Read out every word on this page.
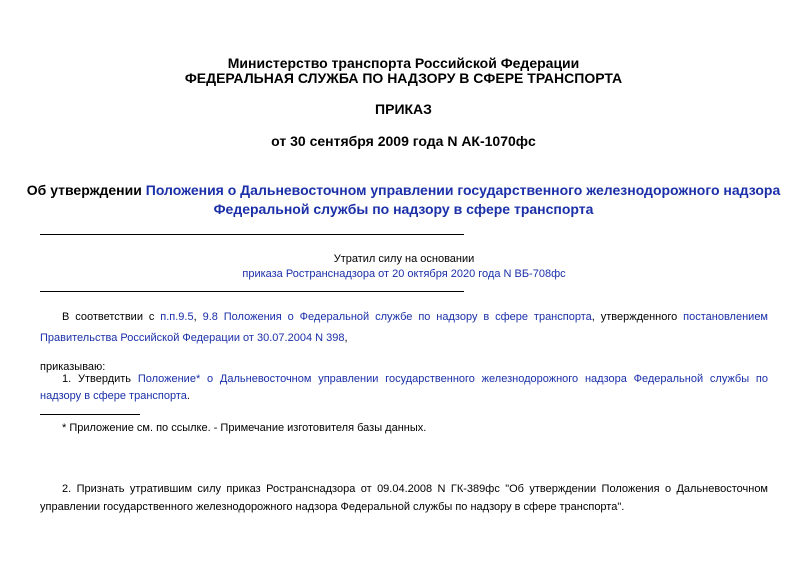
Министерство транспорта Российской Федерации
ФЕДЕРАЛЬНАЯ СЛУЖБА ПО НАДЗОРУ В СФЕРЕ ТРАНСПОРТА
ПРИКАЗ
от 30 сентября 2009 года N АК-1070фс
Об утверждении Положения о Дальневосточном управлении государственного железнодорожного надзора Федеральной службы по надзору в сфере транспорта
Утратил силу на основании
приказа Ространснадзора от 20 октября 2020 года N ВБ-708фс
В соответствии с п.п.9.5, 9.8 Положения о Федеральной службе по надзору в сфере транспорта, утвержденного постановлением Правительства Российской Федерации от 30.07.2004 N 398,
приказываю:
1. Утвердить Положение* о Дальневосточном управлении государственного железнодорожного надзора Федеральной службы по надзору в сфере транспорта.
* Приложение см. по ссылке. - Примечание изготовителя базы данных.
2. Признать утратившим силу приказ Ространснадзора от 09.04.2008 N ГК-389фс "Об утверждении Положения о Дальневосточном управлении государственного железнодорожного надзора Федеральной службы по надзору в сфере транспорта".
